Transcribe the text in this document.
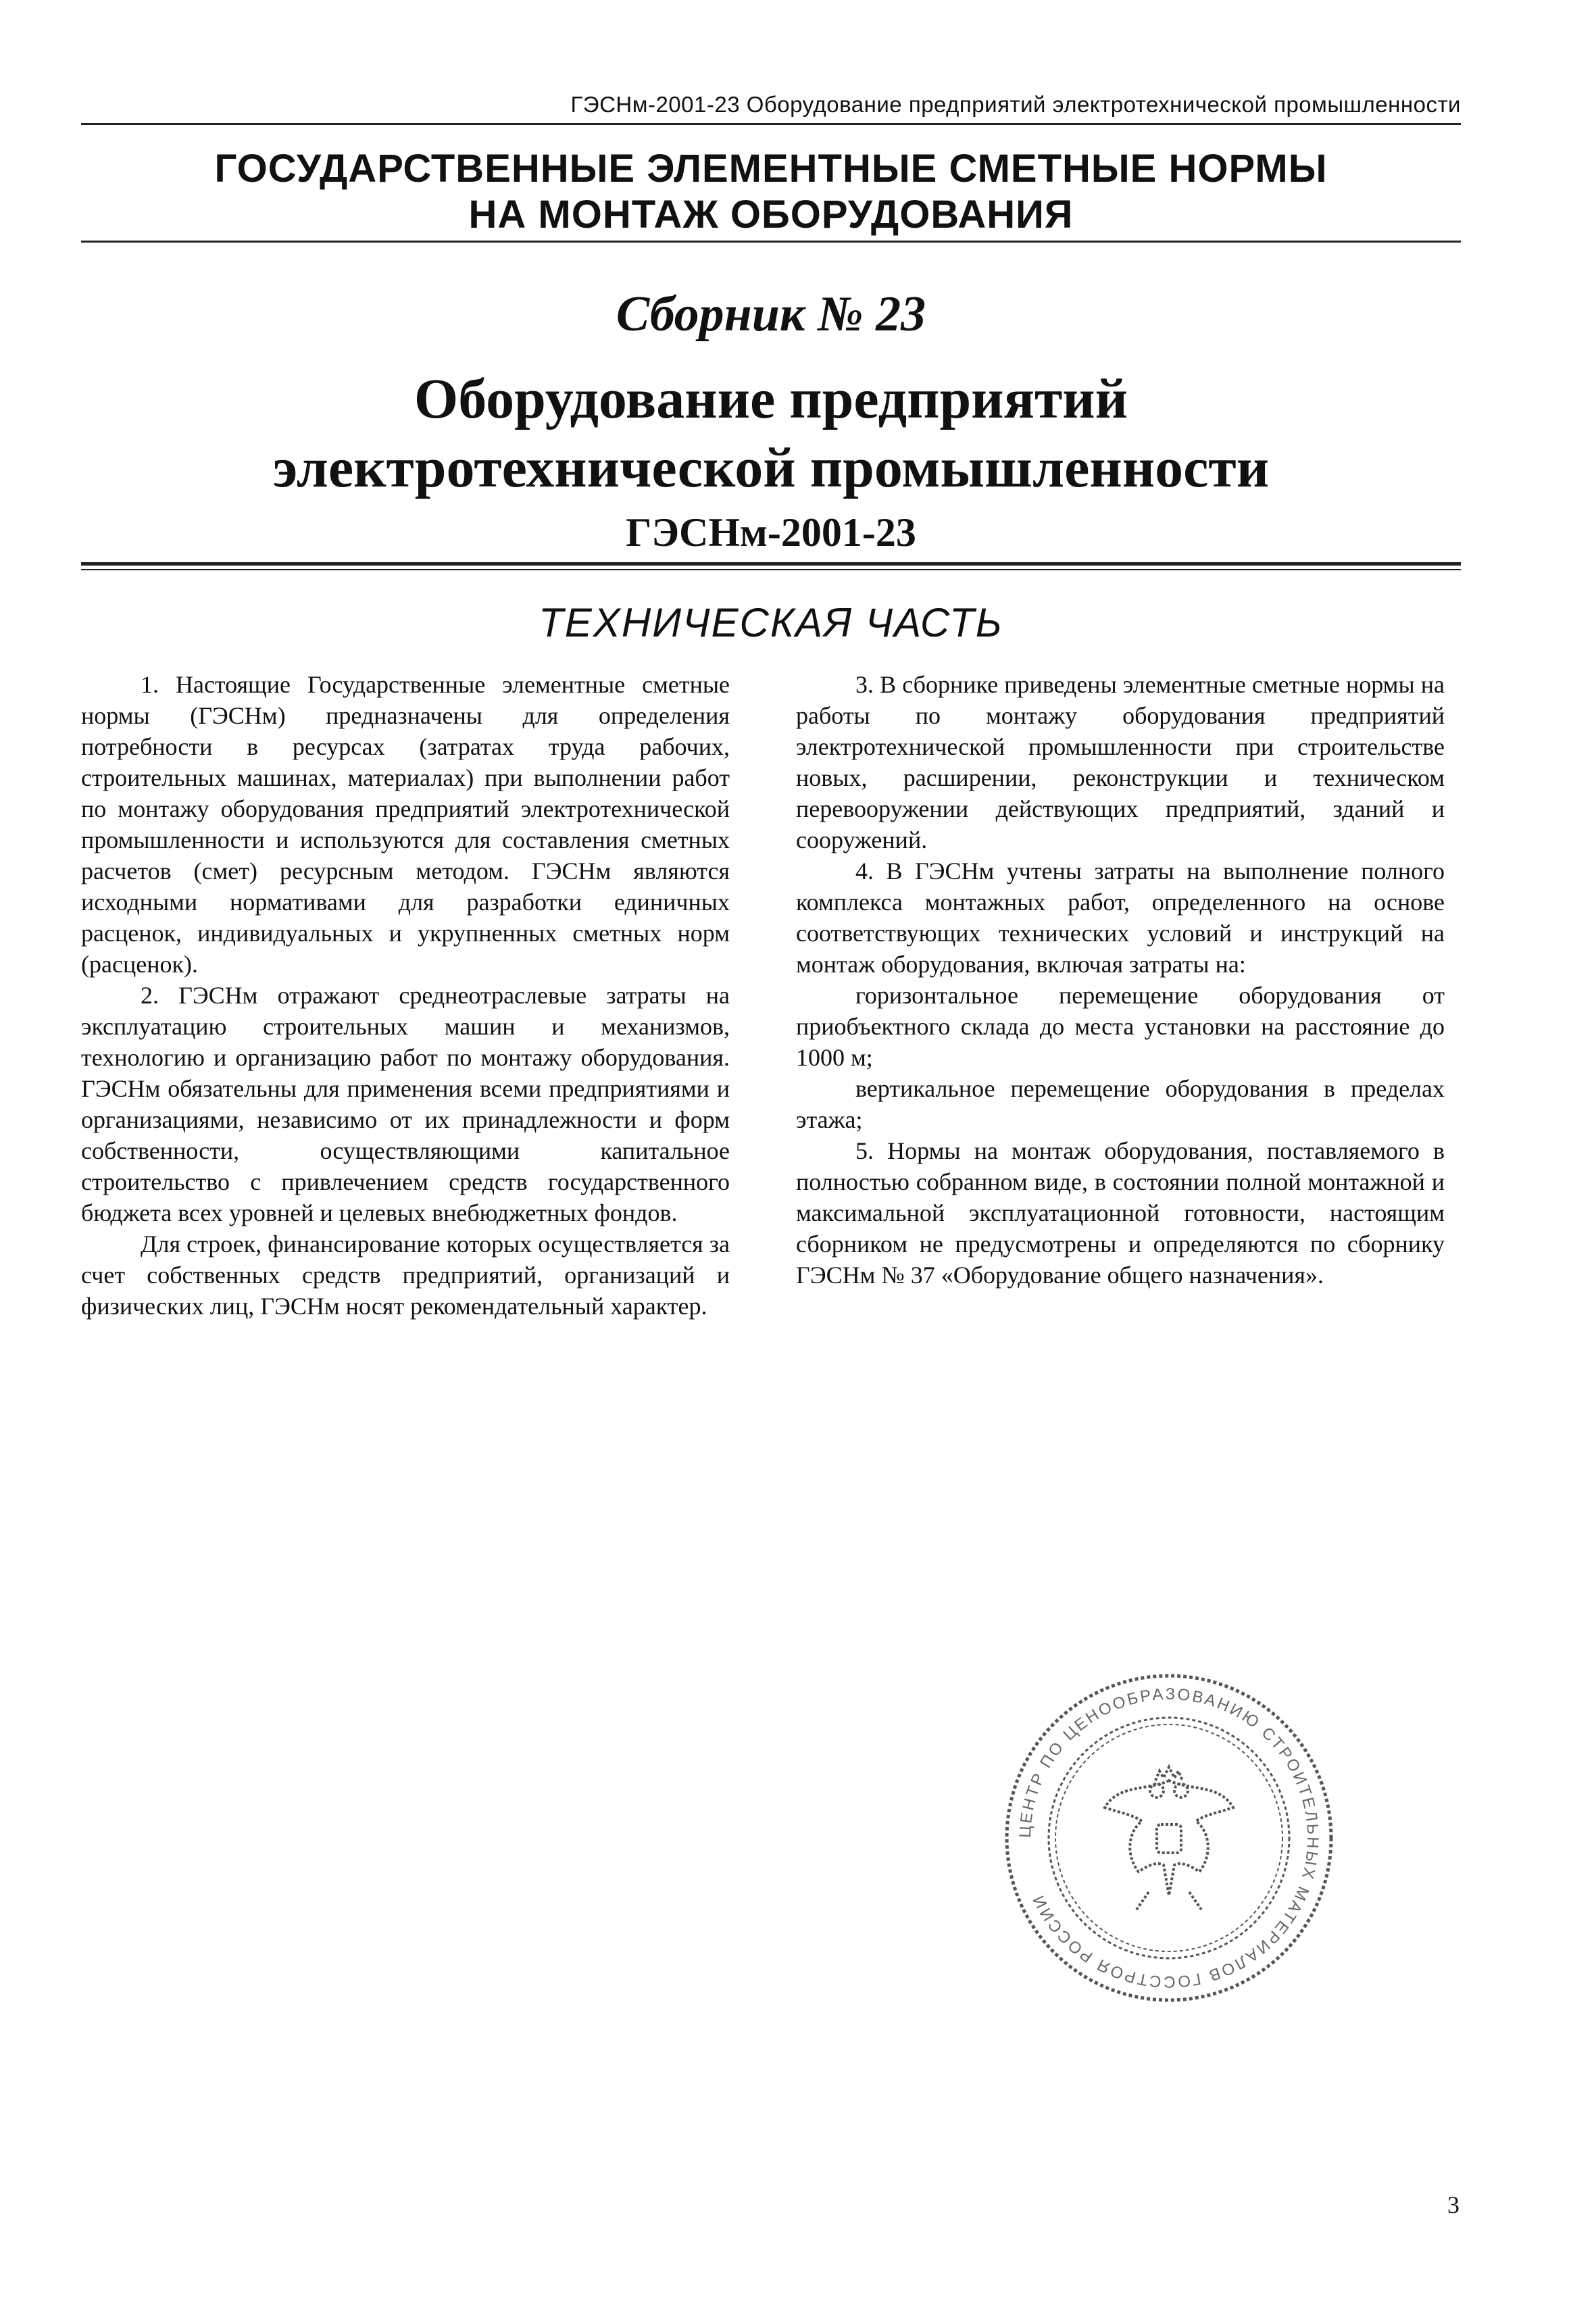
ГЭСНм-2001-23 Оборудование предприятий электротехнической промышленности
ГОСУДАРСТВЕННЫЕ ЭЛЕМЕНТНЫЕ СМЕТНЫЕ НОРМЫ
НА МОНТАЖ ОБОРУДОВАНИЯ
Сборник № 23
Оборудование предприятий
электротехнической промышленности
ГЭСНм-2001-23
ТЕХНИЧЕСКАЯ ЧАСТЬ

1. Настоящие Государственные элементные сметные нормы (ГЭСНм) предназначены для определения потребности в ресурсах (затратах труда рабочих, строительных машинах, материалах) при выполнении работ по монтажу оборудования предприятий электротехнической промышленности и используются для составления сметных расчетов (смет) ресурсным методом. ГЭСНм являются исходными нормативами для разработки единичных расценок, индивидуальных и укрупненных сметных норм (расценок).

2. ГЭСНм отражают среднеотраслевые затраты на эксплуатацию строительных машин и механизмов, технологию и организацию работ по монтажу оборудования. ГЭСНм обязательны для применения всеми предприятиями и организациями, независимо от их принадлежности и форм собственности, осуществляющими капитальное строительство с привлечением средств государственного бюджета всех уровней и целевых внебюджетных фондов.

Для строек, финансирование которых осуществляется за счет собственных средств предприятий, организаций и физических лиц, ГЭСНм носят рекомендательный характер.

3. В сборнике приведены элементные сметные нормы на работы по монтажу оборудования предприятий электротехнической промышленности при строительстве новых, расширении, реконструкции и техническом перевооружении действующих предприятий, зданий и сооружений.

4. В ГЭСНм учтены затраты на выполнение полного комплекса монтажных работ, определенного на основе соответствующих технических условий и инструкций на монтаж оборудования, включая затраты на:

горизонтальное перемещение оборудования от приобъектного склада до места установки на расстояние до 1000 м;

вертикальное перемещение оборудования в пределах этажа;

5. Нормы на монтаж оборудования, поставляемого в полностью собранном виде, в состоянии полной монтажной и максимальной эксплуатационной готовности, настоящим сборником не предусмотрены и определяются по сборнику ГЭСНм № 37 «Оборудование общего назначения».

ЦЕНТР ПО ЦЕНООБРАЗОВАНИЮ СТРОИТЕЛЬНЫХ МАТЕРИАЛОВ ГОССТРОЯ РОССИИ
3
